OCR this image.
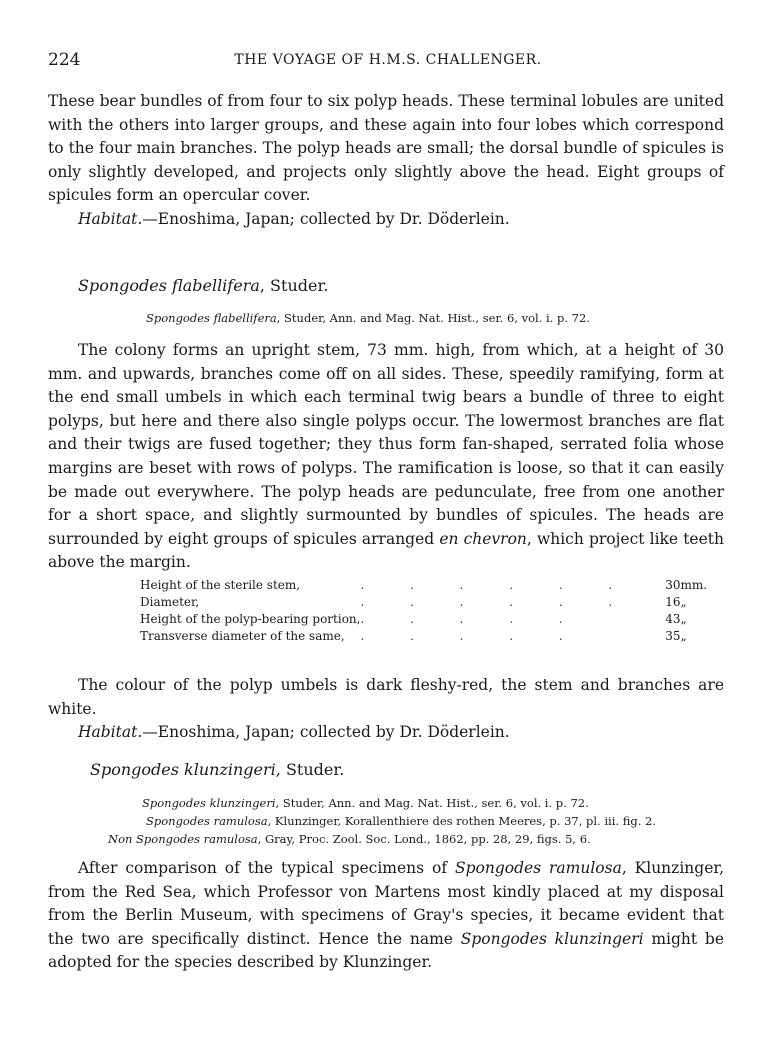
224	THE VOYAGE OF H.M.S. CHALLENGER.

These bear bundles of from four to six polyp heads. These terminal lobules are united with the others into larger groups, and these again into four lobes which correspond to the four main branches. The polyp heads are small; the dorsal bundle of spicules is only slightly developed, and projects only slightly above the head. Eight groups of spicules form an opercular cover.

Habitat.—Enoshima, Japan; collected by Dr. Döderlein.

Spongodes flabellifera, Studer.
Spongodes flabellifera, Studer, Ann. and Mag. Nat. Hist., ser. 6, vol. i. p. 72.

The colony forms an upright stem, 73 mm. high, from which, at a height of 30 mm. and upwards, branches come off on all sides. These, speedily ramifying, form at the end small umbels in which each terminal twig bears a bundle of three to eight polyps, but here and there also single polyps occur. The lowermost branches are flat and their twigs are fused together; they thus form fan-shaped, serrated folia whose margins are beset with rows of polyps. The ramification is loose, so that it can easily be made out everywhere. The polyp heads are pedunculate, free from one another for a short space, and slightly surmounted by bundles of spicules. The heads are surrounded by eight groups of spicules arranged en chevron, which project like teeth above the margin.

Height of the sterile stem,	.            .            .            .            .            .	30	mm.
Diameter,	.            .            .            .            .            .	16	„
Height of the polyp-bearing portion,	.            .            .            .            .	43	„
Transverse diameter of the same,	.            .            .            .            .	35	„

The colour of the polyp umbels is dark fleshy-red, the stem and branches are white.

Habitat.—Enoshima, Japan; collected by Dr. Döderlein.

Spongodes klunzingeri, Studer.
Spongodes klunzingeri, Studer, Ann. and Mag. Nat. Hist., ser. 6, vol. i. p. 72.
Spongodes ramulosa, Klunzinger, Korallenthiere des rothen Meeres, p. 37, pl. iii. fig. 2.
Non Spongodes ramulosa, Gray, Proc. Zool. Soc. Lond., 1862, pp. 28, 29, figs. 5, 6.

After comparison of the typical specimens of Spongodes ramulosa, Klunzinger, from the Red Sea, which Professor von Martens most kindly placed at my disposal from the Berlin Museum, with specimens of Gray's species, it became evident that the two are specifically distinct. Hence the name Spongodes klunzingeri might be adopted for the species described by Klunzinger.
